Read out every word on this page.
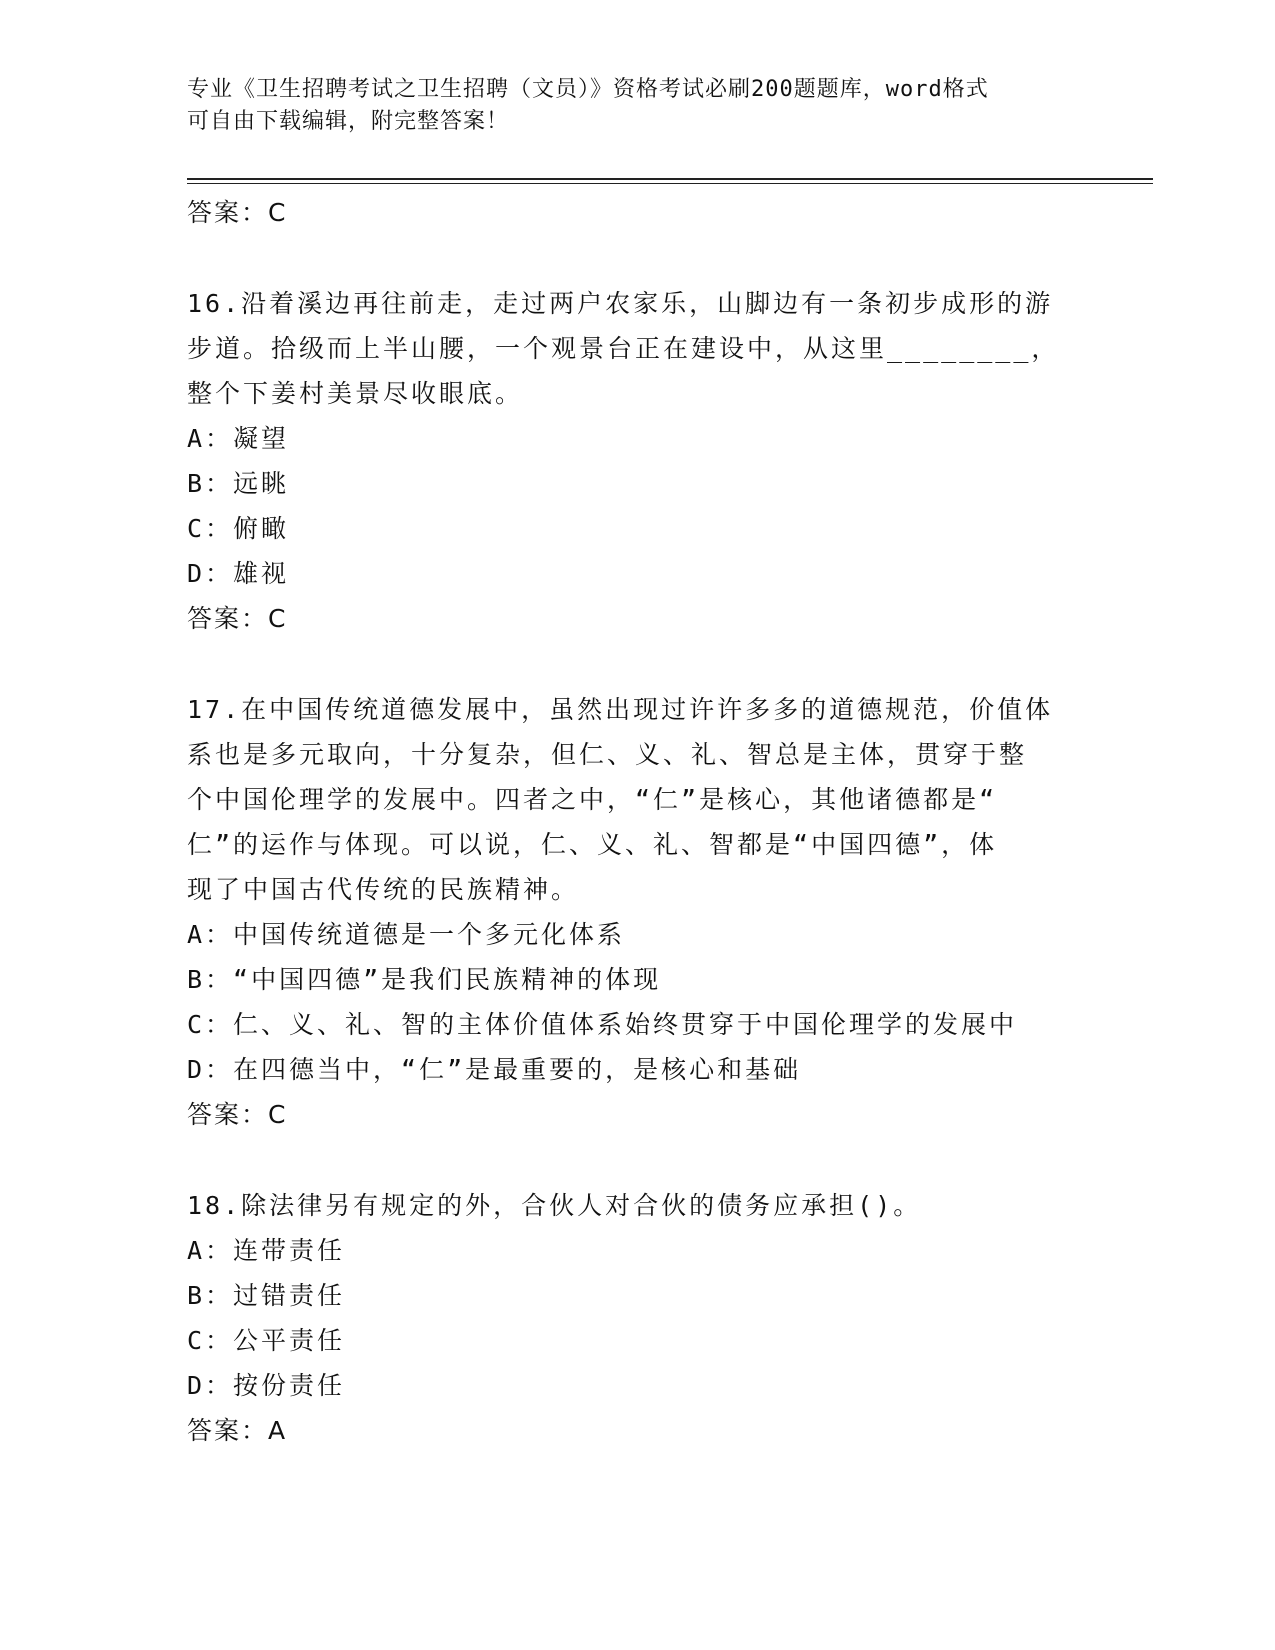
专业《卫生招聘考试之卫生招聘（文员）》资格考试必刷200题题库，word格式
可自由下载编辑，附完整答案！
答案：C
16.沿着溪边再往前走，走过两户农家乐，山脚边有一条初步成形的游
步道。拾级而上半山腰，一个观景台正在建设中，从这里________，
整个下姜村美景尽收眼底。
A：凝望
B：远眺
C：俯瞰
D：雄视
答案：C
17.在中国传统道德发展中，虽然出现过许许多多的道德规范，价值体
系也是多元取向，十分复杂，但仁、义、礼、智总是主体，贯穿于整
个中国伦理学的发展中。四者之中，“仁”是核心，其他诸德都是“
仁”的运作与体现。可以说，仁、义、礼、智都是“中国四德”，体
现了中国古代传统的民族精神。
A：中国传统道德是一个多元化体系
B：“中国四德”是我们民族精神的体现
C：仁、义、礼、智的主体价值体系始终贯穿于中国伦理学的发展中
D：在四德当中，“仁”是最重要的，是核心和基础
答案：C
18.除法律另有规定的外，合伙人对合伙的债务应承担()。
A：连带责任
B：过错责任
C：公平责任
D：按份责任
答案：A
